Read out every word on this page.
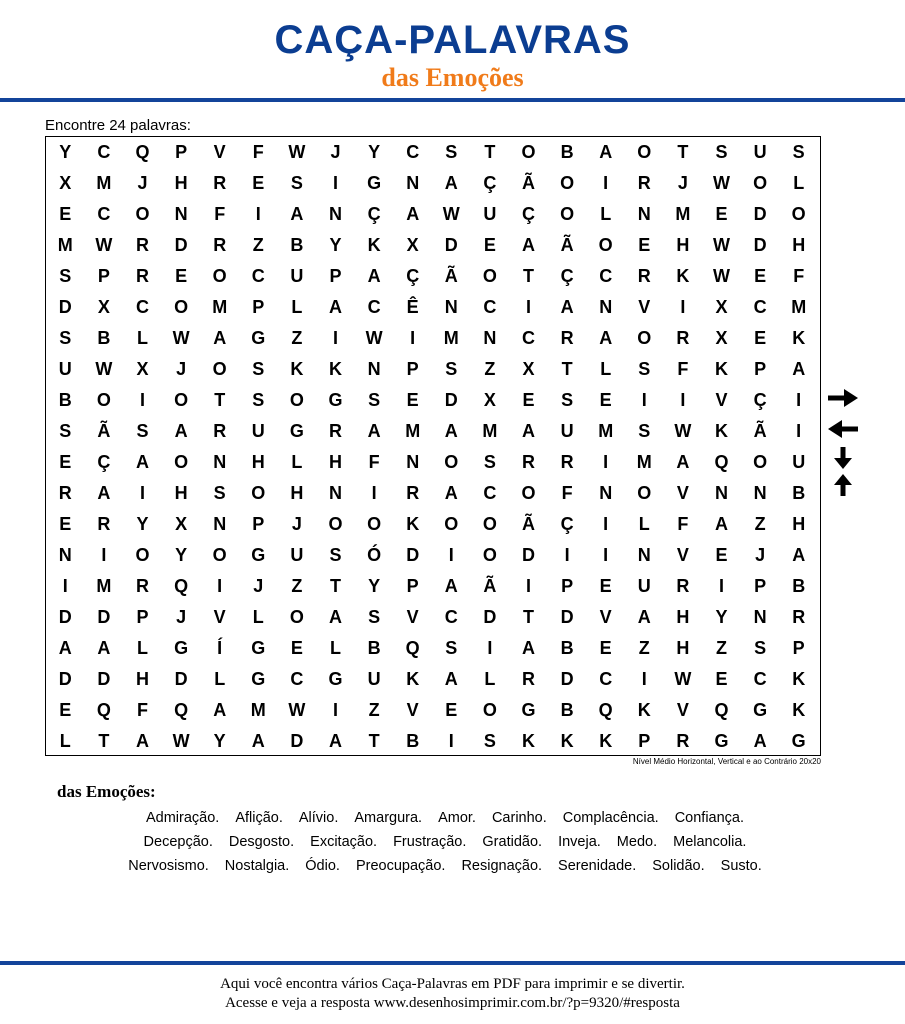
CAÇA-PALAVRAS
das Emoções
Encontre 24 palavras:
Y	C	Q	P	V	F	W	J	Y	C	S	T	O	B	A	O	T	S	U	S
X	M	J	H	R	E	S	I	G	N	A	Ç	Ã	O	I	R	J	W	O	L
E	C	O	N	F	I	A	N	Ç	A	W	U	Ç	O	L	N	M	E	D	O
M	W	R	D	R	Z	B	Y	K	X	D	E	A	Ã	O	E	H	W	D	H
S	P	R	E	O	C	U	P	A	Ç	Ã	O	T	Ç	C	R	K	W	E	F
D	X	C	O	M	P	L	A	C	Ê	N	C	I	A	N	V	I	X	C	M
S	B	L	W	A	G	Z	I	W	I	M	N	C	R	A	O	R	X	E	K
U	W	X	J	O	S	K	K	N	P	S	Z	X	T	L	S	F	K	P	A
B	O	I	O	T	S	O	G	S	E	D	X	E	S	E	I	I	V	Ç	I
S	Ã	S	A	R	U	G	R	A	M	A	M	A	U	M	S	W	K	Ã	I
E	Ç	A	O	N	H	L	H	F	N	O	S	R	R	I	M	A	Q	O	U
R	A	I	H	S	O	H	N	I	R	A	C	O	F	N	O	V	N	N	B
E	R	Y	X	N	P	J	O	O	K	O	O	Ã	Ç	I	L	F	A	Z	H
N	I	O	Y	O	G	U	S	Ó	D	I	O	D	I	I	N	V	E	J	A
I	M	R	Q	I	J	Z	T	Y	P	A	Ã	I	P	E	U	R	I	P	B
D	D	P	J	V	L	O	A	S	V	C	D	T	D	V	A	H	Y	N	R
A	A	L	G	Í	G	E	L	B	Q	S	I	A	B	E	Z	H	Z	S	P
D	D	H	D	L	G	C	G	U	K	A	L	R	D	C	I	W	E	C	K
E	Q	F	Q	A	M	W	I	Z	V	E	O	G	B	Q	K	V	Q	G	K
L	T	A	W	Y	A	D	A	T	B	I	S	K	K	K	P	R	G	A	G
Nível Médio Horizontal, Vertical e ao Contrário 20x20
das Emoções:
Admiração. Aflição. Alívio. Amargura. Amor. Carinho. Complacência. Confiança.
Decepção. Desgosto. Excitação. Frustração. Gratidão. Inveja. Medo. Melancolia.
Nervosismo. Nostalgia. Ódio. Preocupação. Resignação. Serenidade. Solidão. Susto.
Aqui você encontra vários Caça-Palavras em PDF para imprimir e se divertir.
Acesse e veja a resposta www.desenhosimprimir.com.br/?p=9320/#resposta
